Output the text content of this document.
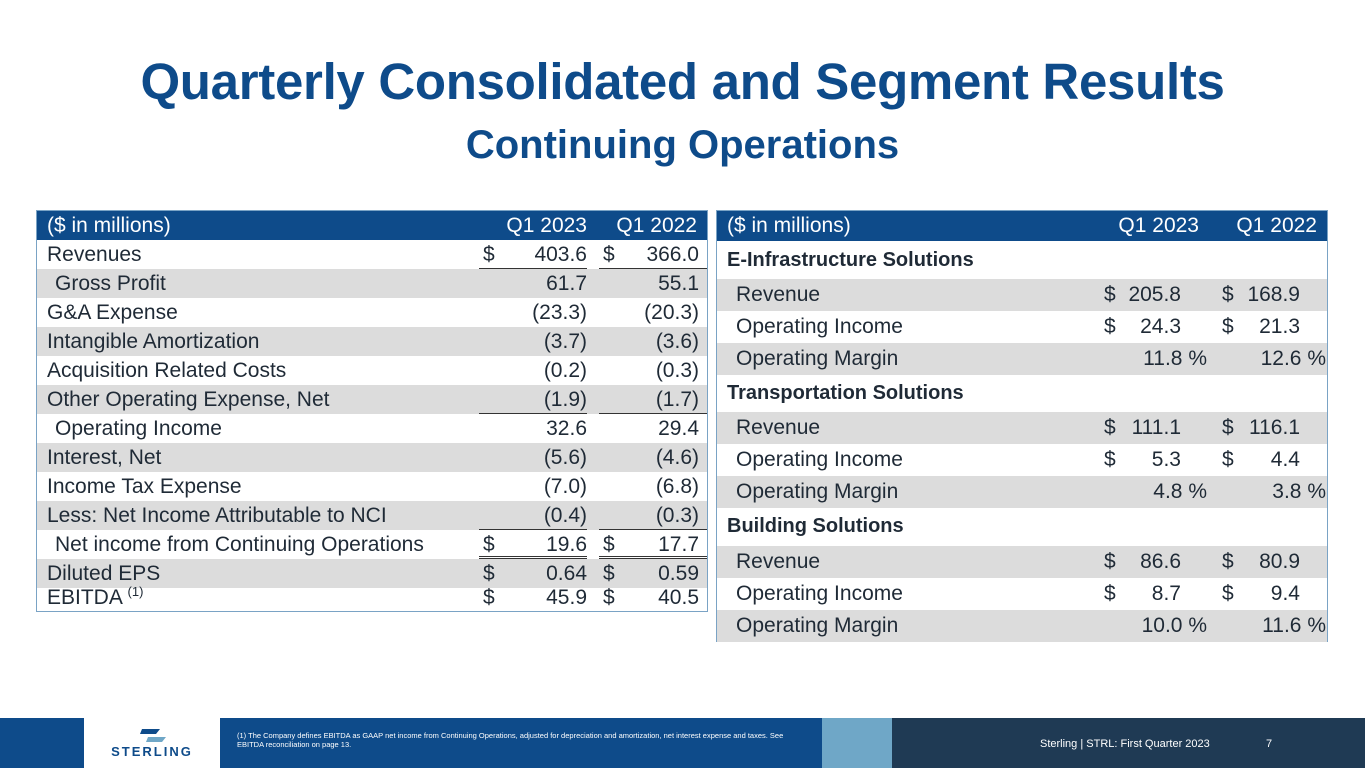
Quarterly Consolidated and Segment Results
Continuing Operations
($ in millions)	Q1 2023 Q1 2022
Revenues	$ 403.6 $ 366.0
Gross Profit	61.7	55.1
G&A Expense	(23.3)	(20.3)
Intangible Amortization	(3.7)	(3.6)
Acquisition Related Costs	(0.2)	(0.3)
Other Operating Expense, Net	(1.9)	(1.7)
Operating Income	32.6	29.4
Interest, Net	(5.6)	(4.6)
Income Tax Expense	(7.0)	(6.8)
Less: Net Income Attributable to NCI	(0.4)	(0.3)
Net income from Continuing Operations	$ 19.6 $ 17.7
Diluted EPS	$ 0.64 $ 0.59
EBITDA $^{(1)}$	$ 45.9 $ 40.5
($ in millions)	Q1 2023 Q1 2022
E-Infrastructure Solutions
Revenue	$ 205.8 $ 168.9
Operating Income	$ 24.3 $ 21.3
Operating Margin	11.8 %	12.6 %
Transportation Solutions
Revenue	$ 111.1 $ 116.1
Operating Income	$ 5.3 $ 4.4
Operating Margin	4.8 %	3.8 %
Building Solutions
Revenue	$ 86.6 $ 80.9
Operating Income	$ 8.7 $ 9.4
Operating Margin	10.0 %	11.6 %
STERLING
(1) The Company defines EBITDA as GAAP net income from Continuing Operations, adjusted for depreciation and amortization, net interest expense and taxes. See EBITDA reconciliation on page 13.	Sterling | STRL: First Quarter 2023	7
